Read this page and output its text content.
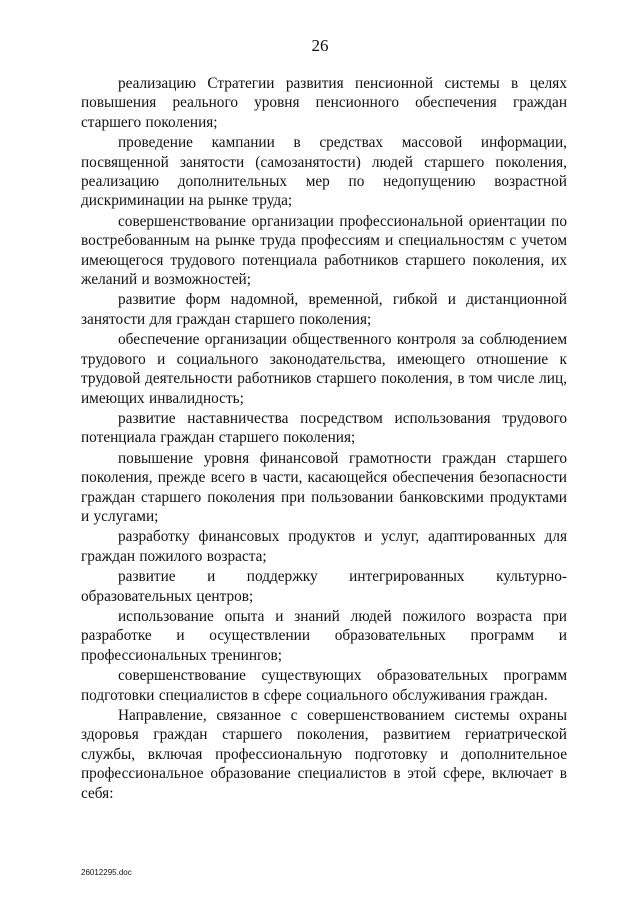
26

реализацию Стратегии развития пенсионной системы в целях повышения реального уровня пенсионного обеспечения граждан старшего поколения;

проведение кампании в средствах массовой информации, посвященной занятости (самозанятости) людей старшего поколения, реализацию дополнительных мер по недопущению возрастной дискриминации на рынке труда;

совершенствование организации профессиональной ориентации по востребованным на рынке труда профессиям и специальностям с учетом имеющегося трудового потенциала работников старшего поколения, их желаний и возможностей;

развитие форм надомной, временной, гибкой и дистанционной занятости для граждан старшего поколения;

обеспечение организации общественного контроля за соблюдением трудового и социального законодательства, имеющего отношение к трудовой деятельности работников старшего поколения, в том числе лиц, имеющих инвалидность;

развитие наставничества посредством использования трудового потенциала граждан старшего поколения;

повышение уровня финансовой грамотности граждан старшего поколения, прежде всего в части, касающейся обеспечения безопасности граждан старшего поколения при пользовании банковскими продуктами и услугами;

разработку финансовых продуктов и услуг, адаптированных для граждан пожилого возраста;

развитие и поддержку интегрированных культурно-образовательных центров;

использование опыта и знаний людей пожилого возраста при разработке и осуществлении образовательных программ и профессиональных тренингов;

совершенствование существующих образовательных программ подготовки специалистов в сфере социального обслуживания граждан.

Направление, связанное с совершенствованием системы охраны здоровья граждан старшего поколения, развитием гериатрической службы, включая профессиональную подготовку и дополнительное профессиональное образование специалистов в этой сфере, включает в себя:

26012295.doc
